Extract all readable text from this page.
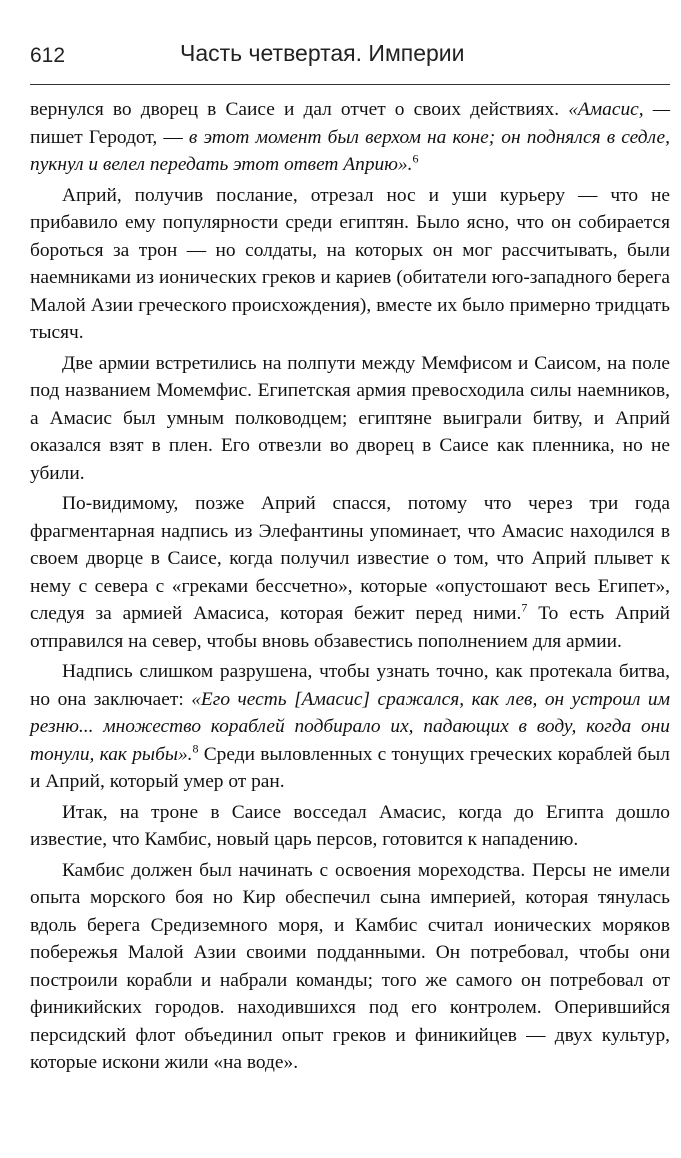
612	Часть четвертая. Империи

вернулся во дворец в Саисе и дал отчет о своих действиях. «Амасис, — пишет Геродот, — в этот момент был верхом на коне; он поднялся в седле, пукнул и велел передать этот ответ Априю».$^6$

Априй, получив послание, отрезал нос и уши курьеру — что не прибавило ему популярности среди египтян. Было ясно, что он собирается бороться за трон — но солдаты, на которых он мог рассчитывать, были наемниками из ионических греков и кариев (обитатели юго-западного берега Малой Азии греческого происхождения), вместе их было примерно тридцать тысяч.

Две армии встретились на полпути между Мемфисом и Саисом, на поле под названием Момемфис. Египетская армия превосходила силы наемников, а Амасис был умным полководцем; египтяне выиграли битву, и Априй оказался взят в плен. Его отвезли во дворец в Саисе как пленника, но не убили.

По-видимому, позже Априй спасся, потому что через три года фрагментарная надпись из Элефантины упоминает, что Амасис находился в своем дворце в Саисе, когда получил известие о том, что Априй плывет к нему с севера с «греками бессчетно», которые «опустошают весь Египет», следуя за армией Амасиса, которая бежит перед ними.$^7$ То есть Априй отправился на север, чтобы вновь обзавестись пополнением для армии.

Надпись слишком разрушена, чтобы узнать точно, как протекала битва, но она заключает: «Его честь [Амасис] сражался, как лев, он устроил им резню... множество кораблей подбирало их, падающих в воду, когда они тонули, как рыбы».$^8$ Среди выловленных с тонущих греческих кораблей был и Априй, который умер от ран.

Итак, на троне в Саисе восседал Амасис, когда до Египта дошло известие, что Камбис, новый царь персов, готовится к нападению.

Камбис должен был начинать с освоения мореходства. Персы не имели опыта морского боя но Кир обеспечил сына империей, которая тянулась вдоль берега Средиземного моря, и Камбис считал ионических моряков побережья Малой Азии своими подданными. Он потребовал, чтобы они построили корабли и набрали команды; того же самого он потребовал от финикийских городов. находившихся под его контролем. Оперившийся персидский флот объединил опыт греков и финикийцев — двух культур, которые искони жили «на воде».
